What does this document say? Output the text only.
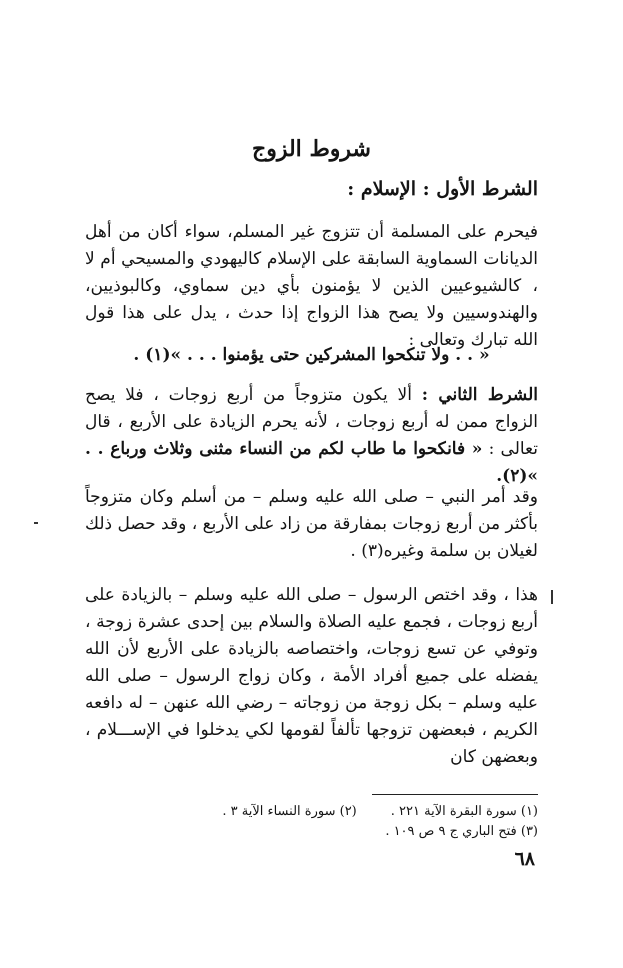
شروط الزوج

الشرط الأول : الإسلام :

فيحرم على المسلمة أن تتزوج غير المسلم، سواء أكان من أهل الديانات السماوية السابقة على الإسلام كاليهودي والمسيحي أم لا ، كالشيوعيين الذين لا يؤمنون بأي دين سماوي، وكالبوذيين، والهندوسيين ولا يصح هذا الزواج إذا حدث ، يدل على هذا قول الله تبارك وتعالى :

« . . ولا تنكحوا المشركين حتى يؤمنوا . . . »(١) .

الشرط الثاني : ألا يكون متزوجاً من أربع زوجات ، فلا يصح الزواج ممن له أربع زوجات ، لأنه يحرم الزيادة على الأربع ، قال تعالى : « فانكحوا ما طاب لكم من النساء مثنى وثلاث ورباع . . »(٢).

وقد أمر النبي – صلى الله عليه وسلم – من أسلم وكان متزوجاً بأكثر من أربع زوجات بمفارقة من زاد على الأربع ، وقد حصل ذلك لغيلان بن سلمة وغيره(٣) .

هذا ، وقد اختص الرسول – صلى الله عليه وسلم – بالزيادة على أربع زوجات ، فجمع عليه الصلاة والسلام بين إحدى عشرة زوجة ، وتوفي عن تسع زوجات، واختصاصه بالزيادة على الأربع لأن الله يفضله على جميع أفراد الأمة ، وكان زواج الرسول – صلى الله عليه وسلم – بكل زوجة من زوجاته – رضي الله عنهن – له دافعه الكريم ، فبعضهن تزوجها تألفاً لقومها لكي يدخلوا في الإســـلام ، وبعضهن كان

(١) سورة البقرة الآية ٢٢١ .(٢) سورة النساء الآية ٣ .

(٣) فتح الباري ج ٩ ص ١٠٩ .

٦٨
